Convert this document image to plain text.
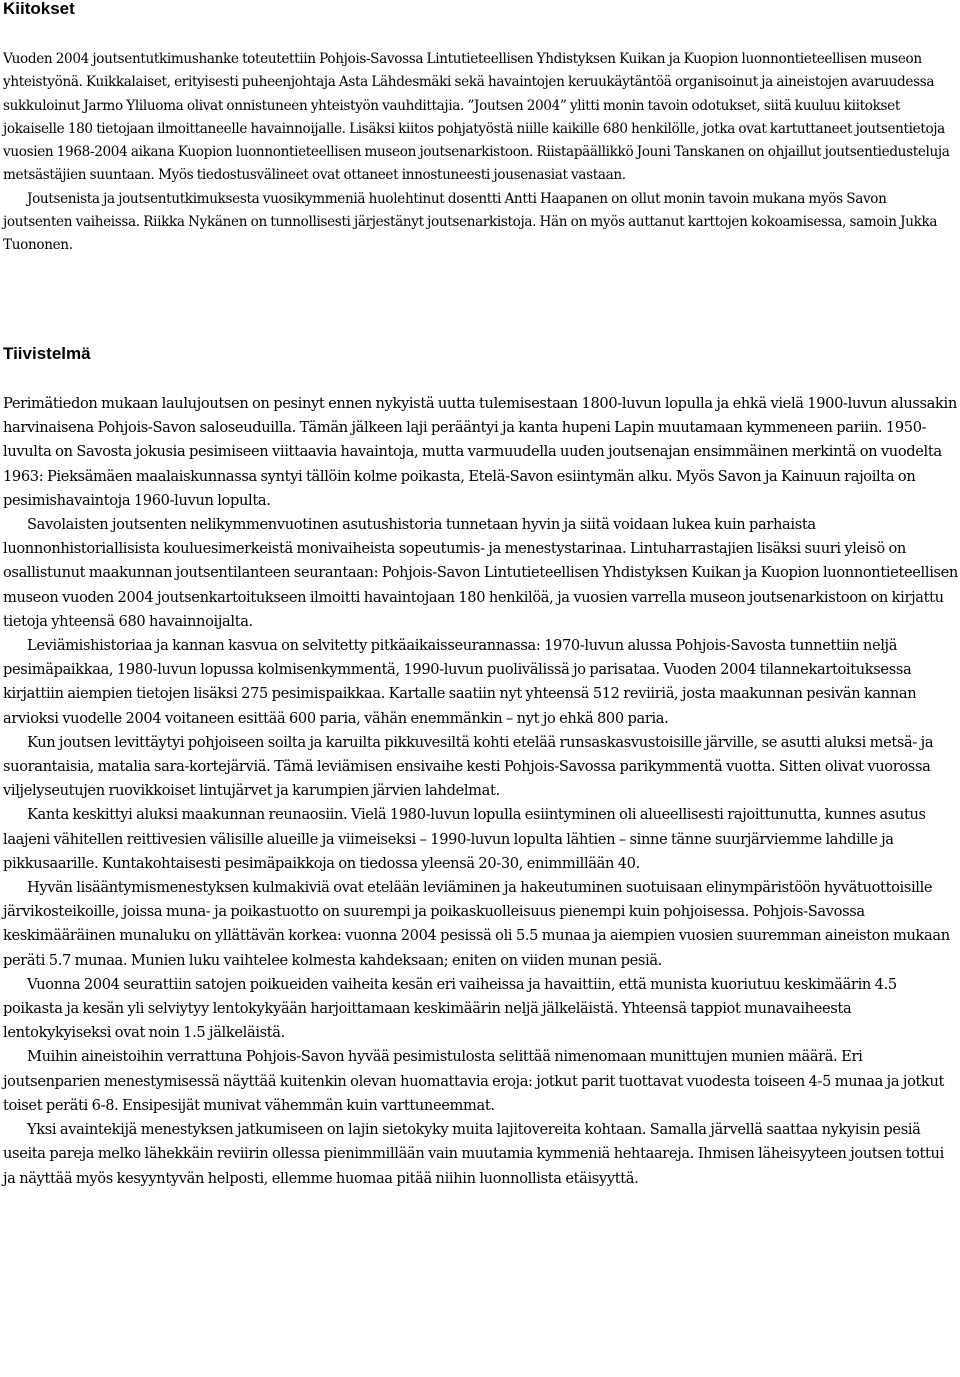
Kiitokset

Vuoden 2004 joutsentutkimushanke toteutettiin Pohjois-Savossa Lintutieteellisen Yhdistyksen Kuikan ja Kuopion luonnontieteellisen museon yhteistyönä. Kuikkalaiset, erityisesti puheenjohtaja Asta Lähdesmäki sekä havaintojen keruukäytäntöä organisoinut ja aineistojen avaruudessa sukkuloinut Jarmo Yliluoma olivat onnistuneen yhteistyön vauhdittajia. ”Joutsen 2004” ylitti monin tavoin odotukset, siitä kuuluu kiitokset jokaiselle 180 tietojaan ilmoittaneelle havainnoijalle. Lisäksi kiitos pohjatyöstä niille kaikille 680 henkilölle, jotka ovat kartuttaneet joutsentietoja vuosien 1968-2004 aikana Kuopion luonnontieteellisen museon joutsenarkistoon. Riistapäällikkö Jouni Tanskanen on ohjaillut joutsentiedusteluja metsästäjien suuntaan. Myös tiedostusvälineet ovat ottaneet innostuneesti jousenasiat vastaan.

Joutsenista ja joutsentutkimuksesta vuosikymmeniä huolehtinut dosentti Antti Haapanen on ollut monin tavoin mukana myös Savon joutsenten vaiheissa. Riikka Nykänen on tunnollisesti järjestänyt joutsenarkistoja. Hän on myös auttanut karttojen kokoamisessa, samoin Jukka Tuononen.

Tiivistelmä

Perimätiedon mukaan laulujoutsen on pesinyt ennen nykyistä uutta tulemisestaan 1800-luvun lopulla ja ehkä vielä 1900-luvun alussakin harvinaisena Pohjois-Savon saloseuduilla. Tämän jälkeen laji perääntyi ja kanta hupeni Lapin muutamaan kymmeneen pariin. 1950-luvulta on Savosta jokusia pesimiseen viittaavia havaintoja, mutta varmuudella uuden joutsenajan ensimmäinen merkintä on vuodelta 1963: Pieksämäen maalaiskunnassa syntyi tällöin kolme poikasta, Etelä-Savon esiintymän alku. Myös Savon ja Kainuun rajoilta on pesimishavaintoja 1960-luvun lopulta.

Savolaisten joutsenten nelikymmenvuotinen asutushistoria tunnetaan hyvin ja siitä voidaan lukea kuin parhaista luonnonhistoriallisista kouluesimerkeistä monivaiheista sopeutumis- ja menestystarinaa. Lintuharrastajien lisäksi suuri yleisö on osallistunut maakunnan joutsentilanteen seurantaan: Pohjois-Savon Lintutieteellisen Yhdistyksen Kuikan ja Kuopion luonnontieteellisen museon vuoden 2004 joutsenkartoitukseen ilmoitti havaintojaan 180 henkilöä, ja vuosien varrella museon joutsenarkistoon on kirjattu tietoja yhteensä 680 havainnoijalta.

Leviämishistoriaa ja kannan kasvua on selvitetty pitkäaikaisseurannassa: 1970-luvun alussa Pohjois-Savosta tunnettiin neljä pesimäpaikkaa, 1980-luvun lopussa kolmisenkymmentä, 1990-luvun puolivälissä jo parisataa. Vuoden 2004 tilannekartoituksessa kirjattiin aiempien tietojen lisäksi 275 pesimispaikkaa. Kartalle saatiin nyt yhteensä 512 reviiriä, josta maakunnan pesivän kannan arvioksi vuodelle 2004 voitaneen esittää 600 paria, vähän enemmänkin – nyt jo ehkä 800 paria.

Kun joutsen levittäytyi pohjoiseen soilta ja karuilta pikkuvesiltä kohti etelää runsaskasvustoisille järville, se asutti aluksi metsä- ja suorantaisia, matalia sara-kortejärviä. Tämä leviämisen ensivaihe kesti Pohjois-Savossa parikymmentä vuotta. Sitten olivat vuorossa viljelyseutujen ruovikkoiset lintujärvet ja karumpien järvien lahdelmat.

Kanta keskittyi aluksi maakunnan reunaosiin. Vielä 1980-luvun lopulla esiintyminen oli alueellisesti rajoittunutta, kunnes asutus laajeni vähitellen reittivesien välisille alueille ja viimeiseksi – 1990-luvun lopulta lähtien – sinne tänne suurjärviemme lahdille ja pikkusaarille. Kuntakohtaisesti pesimäpaikkoja on tiedossa yleensä 20-30, enimmillään 40.

Hyvän lisääntymismenestyksen kulmakiviä ovat etelään leviäminen ja hakeutuminen suotuisaan elinympäristöön hyvätuottoisille järvikosteikoille, joissa muna- ja poikastuotto on suurempi ja poikaskuolleisuus pienempi kuin pohjoisessa. Pohjois-Savossa keskimääräinen munaluku on yllättävän korkea: vuonna 2004 pesissä oli 5.5 munaa ja aiempien vuosien suuremman aineiston mukaan peräti 5.7 munaa. Munien luku vaihtelee kolmesta kahdeksaan; eniten on viiden munan pesiä.

Vuonna 2004 seurattiin satojen poikueiden vaiheita kesän eri vaiheissa ja havaittiin, että munista kuoriutuu keskimäärin 4.5 poikasta ja kesän yli selviytyy lentokykyään harjoittamaan keskimäärin neljä jälkeläistä. Yhteensä tappiot munavaiheesta lentokykyiseksi ovat noin 1.5 jälkeläistä.

Muihin aineistoihin verrattuna Pohjois-Savon hyvää pesimistulosta selittää nimenomaan munittujen munien määrä. Eri joutsenparien menestymisessä näyttää kuitenkin olevan huomattavia eroja: jotkut parit tuottavat vuodesta toiseen 4-5 munaa ja jotkut toiset peräti 6-8. Ensipesijät munivat vähemmän kuin varttuneemmat.

Yksi avaintekijä menestyksen jatkumiseen on lajin sietokyky muita lajitovereita kohtaan. Samalla järvellä saattaa nykyisin pesiä useita pareja melko lähekkäin reviirin ollessa pienimmillään vain muutamia kymmeniä hehtaareja. Ihmisen läheisyyteen joutsen tottui ja näyttää myös kesyyntyvän helposti, ellemme huomaa pitää niihin luonnollista etäisyyttä.
